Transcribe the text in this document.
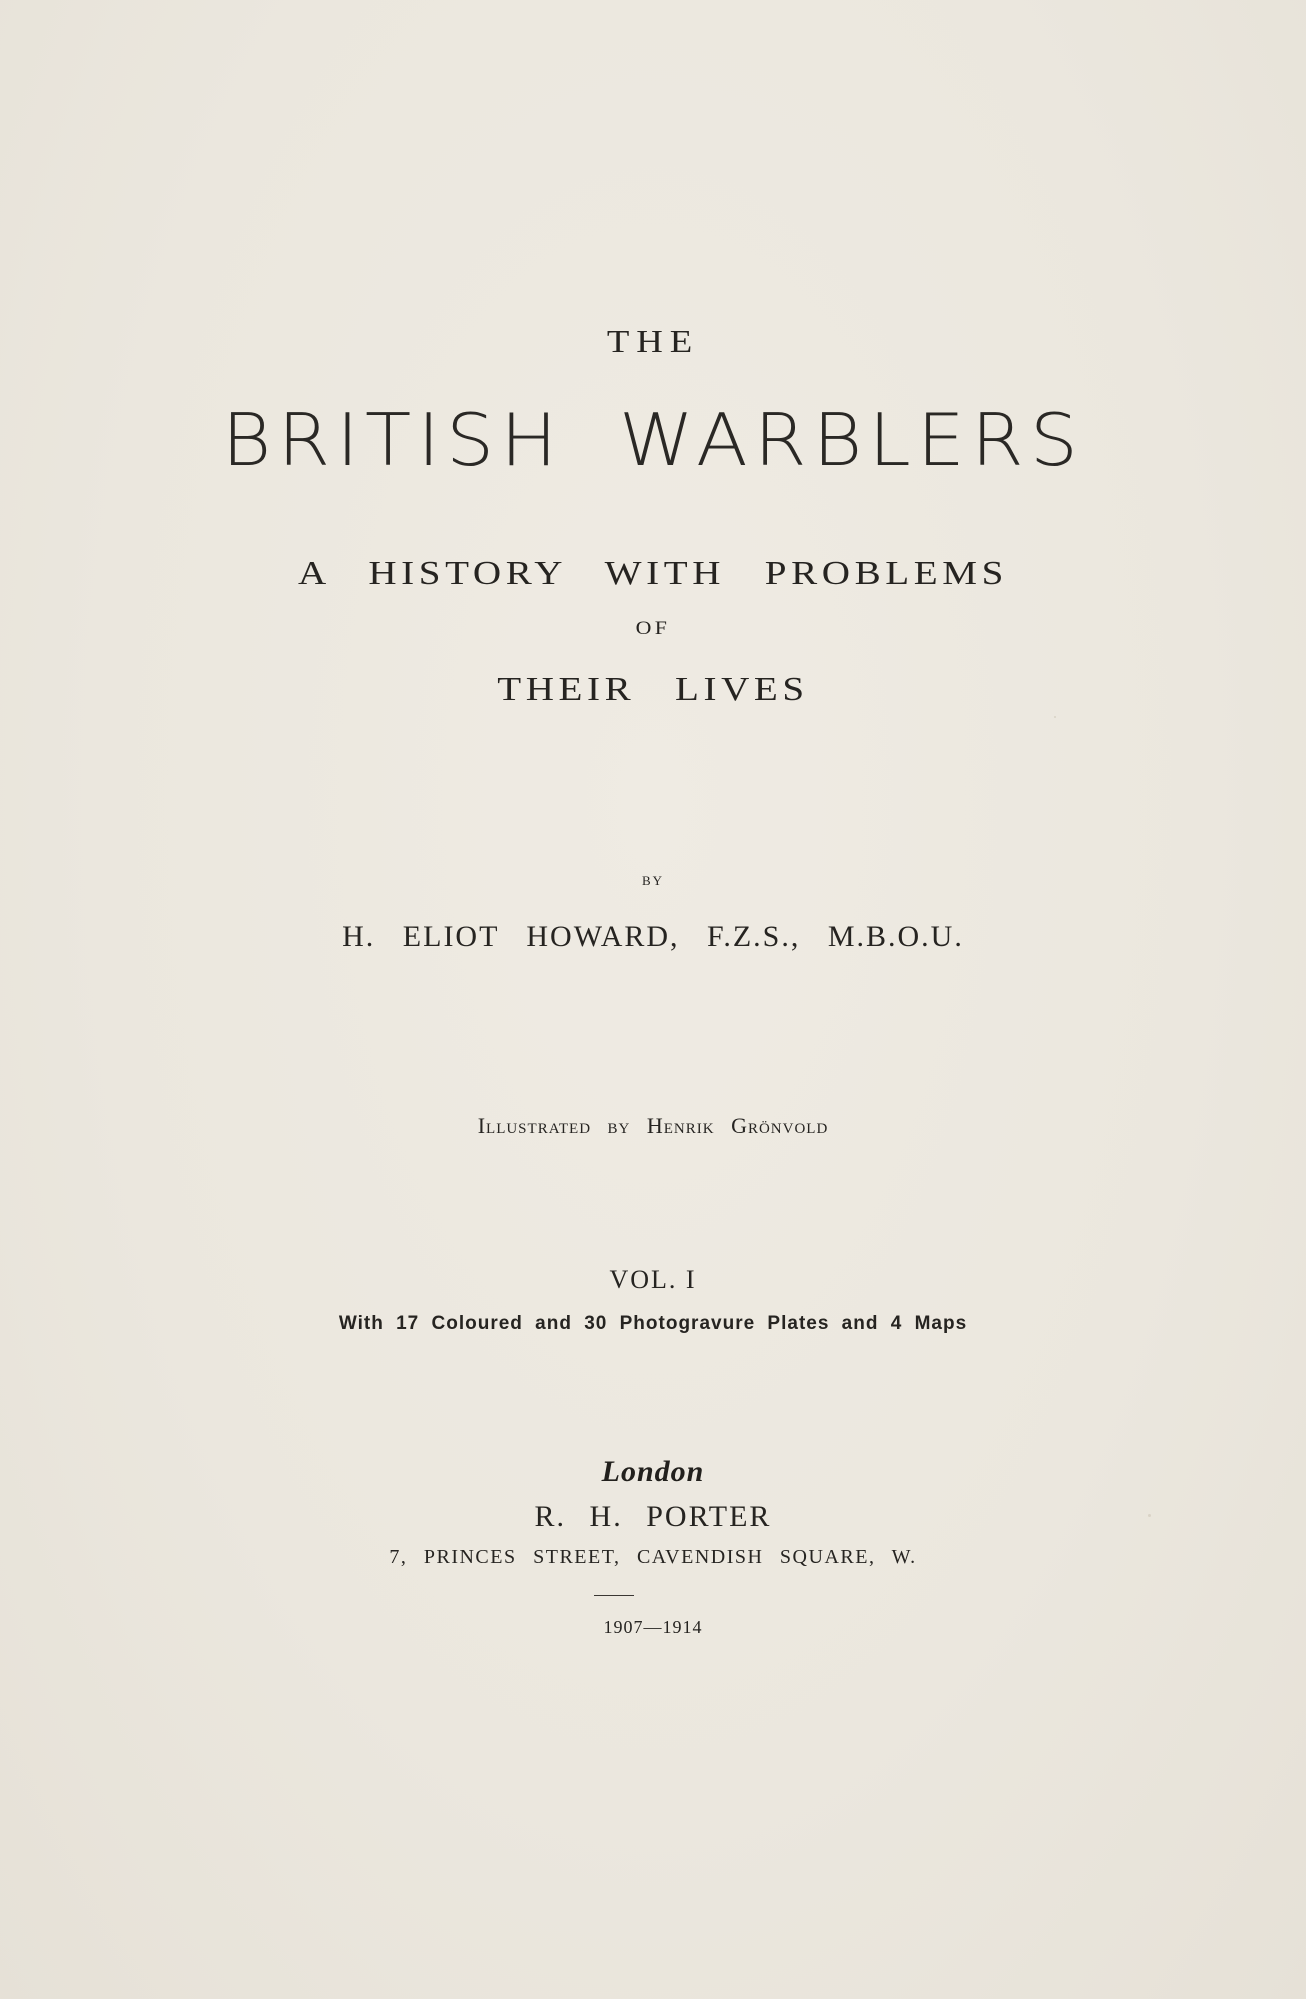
THE
BRITISH WARBLERS
A HISTORY WITH PROBLEMS
OF
THEIR LIVES
BY
H. ELIOT HOWARD, F.Z.S., M.B.O.U.
Illustrated by Henrik Grönvold
VOL. I
With 17 Coloured and 30 Photogravure Plates and 4 Maps
London
R. H. PORTER
7, PRINCES STREET, CAVENDISH SQUARE, W.
1907—1914
